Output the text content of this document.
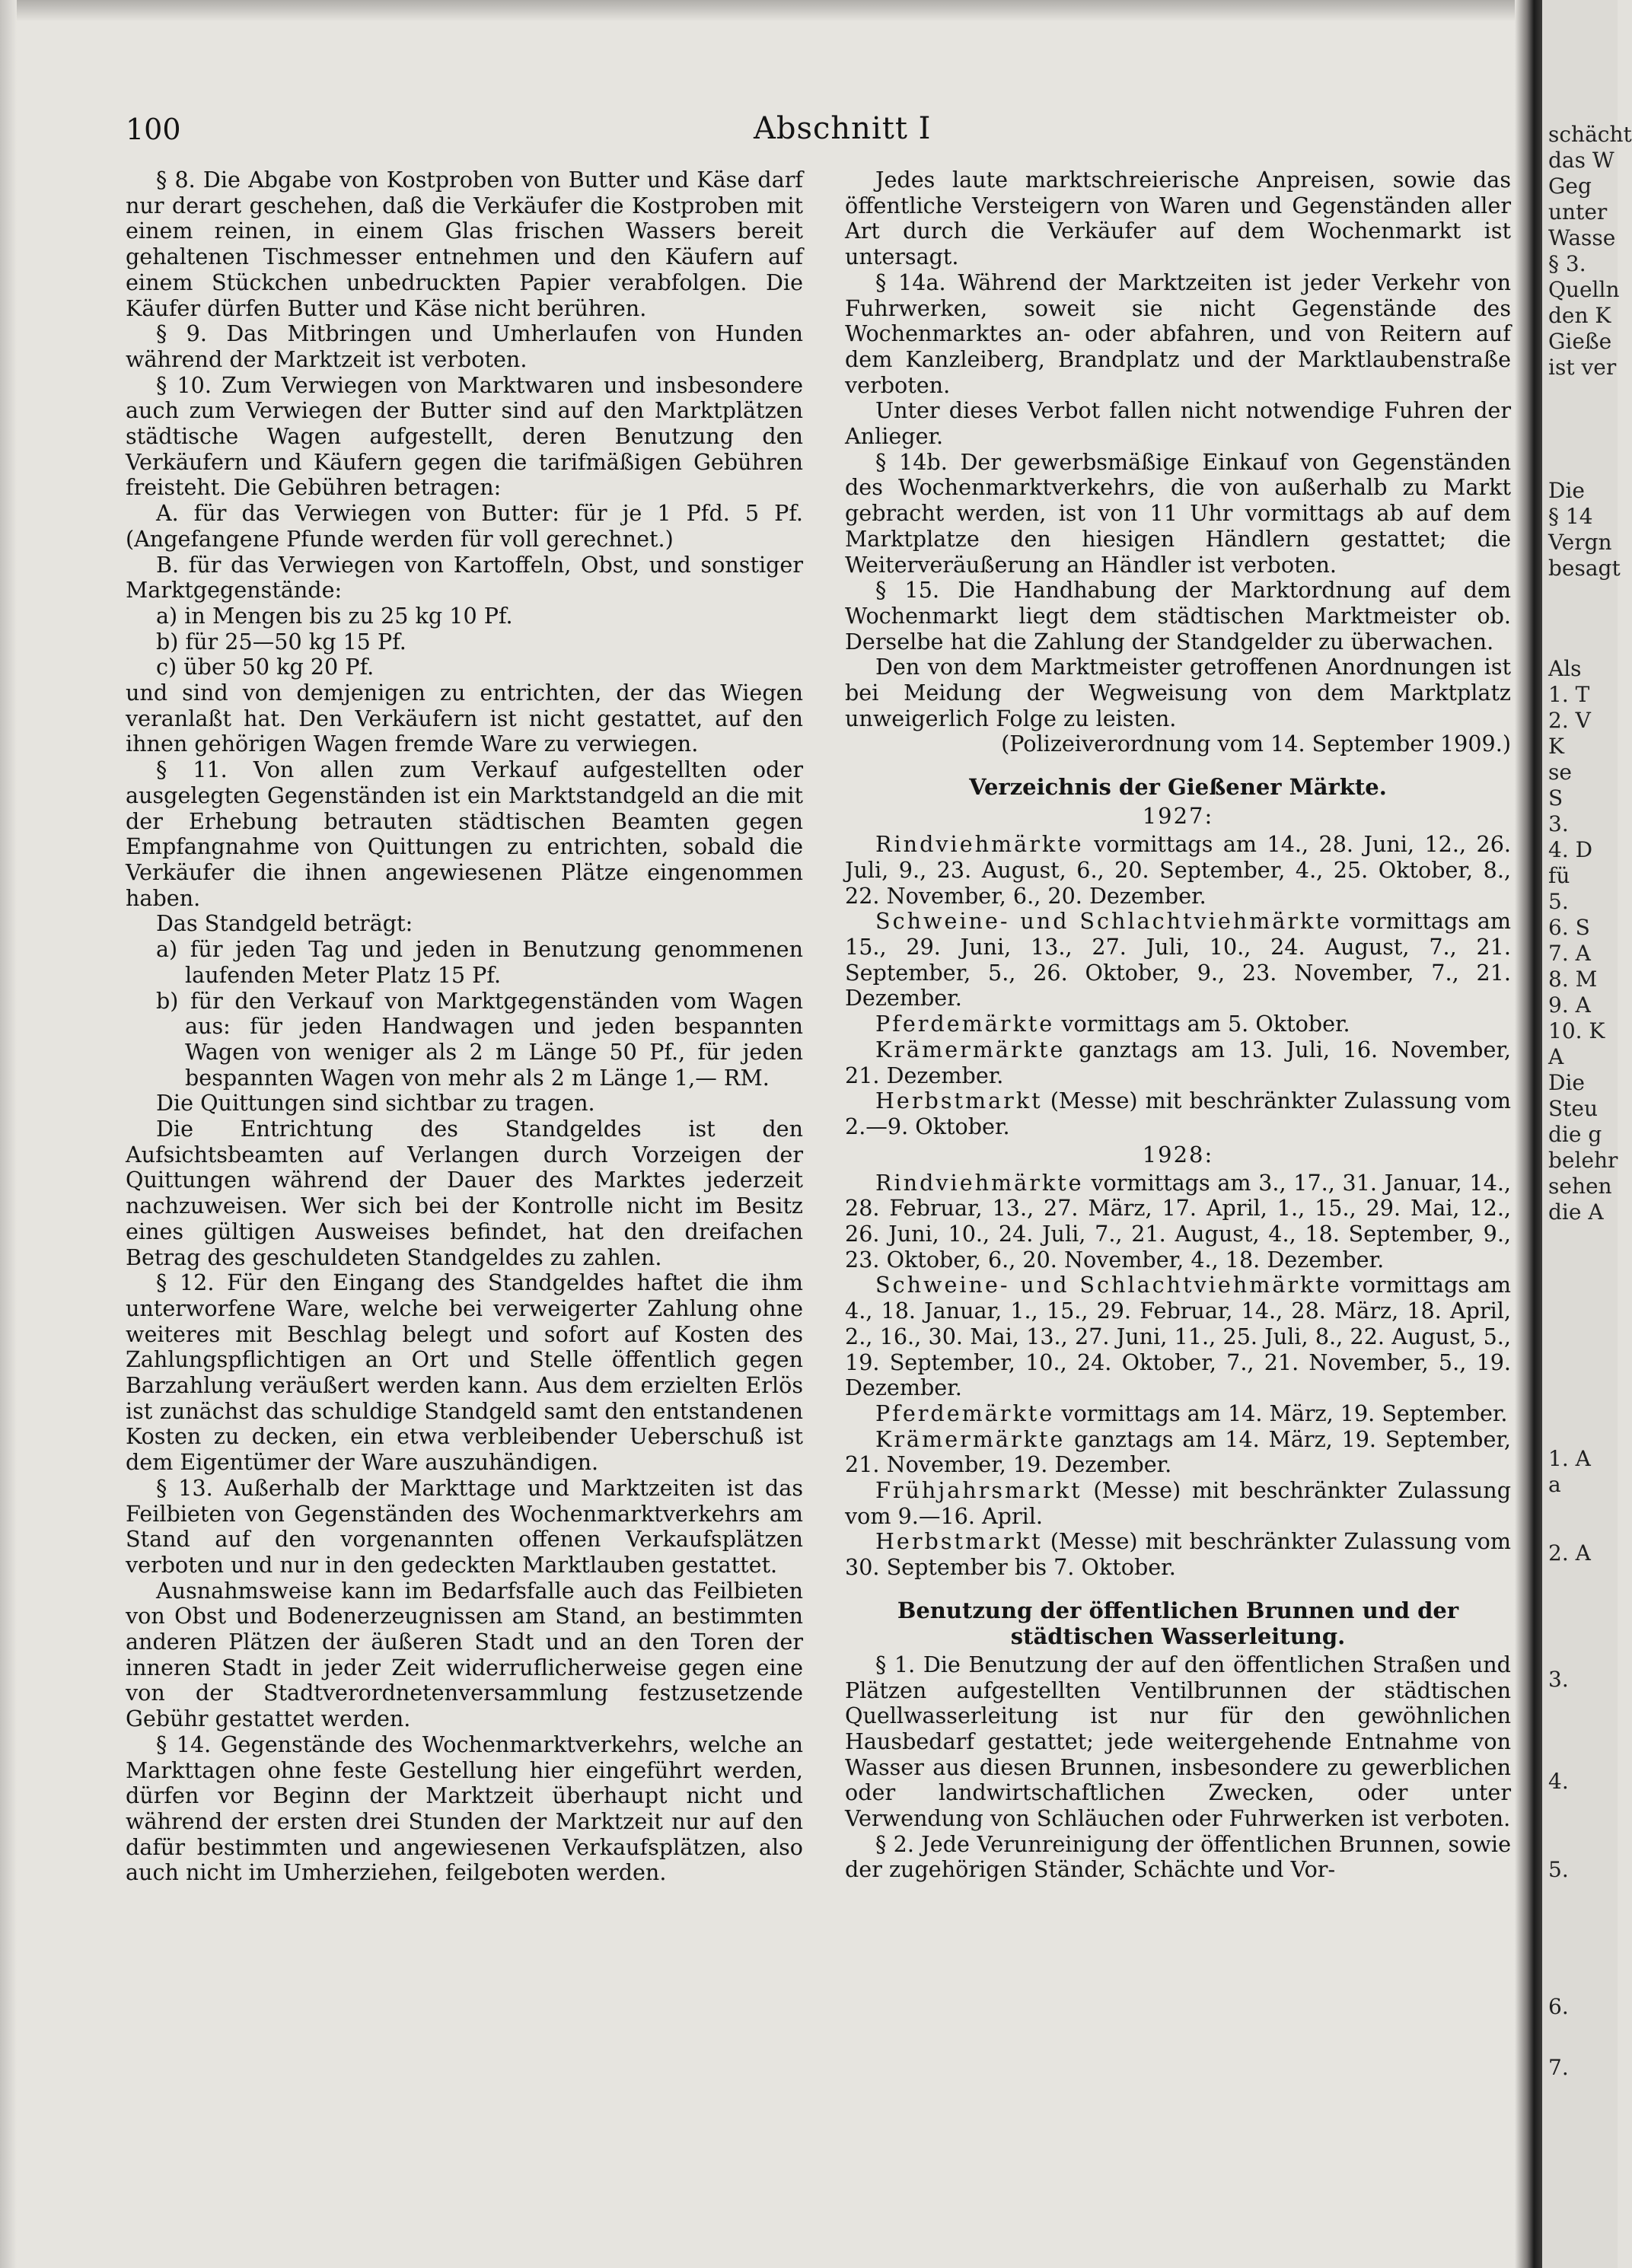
100	Abschnitt I

§ 8. Die Abgabe von Kostproben von Butter und Käse darf nur derart geschehen, daß die Verkäufer die Kostproben mit einem reinen, in einem Glas frischen Wassers bereit gehaltenen Tischmesser entnehmen und den Käufern auf einem Stückchen unbedruckten Papier verabfolgen. Die Käufer dürfen Butter und Käse nicht berühren.

§ 9. Das Mitbringen und Umherlaufen von Hunden während der Marktzeit ist verboten.

§ 10. Zum Verwiegen von Marktwaren und insbesondere auch zum Verwiegen der Butter sind auf den Marktplätzen städtische Wagen aufgestellt, deren Benutzung den Verkäufern und Käufern gegen die tarifmäßigen Gebühren freisteht. Die Gebühren betragen:

A. für das Verwiegen von Butter: für je 1 Pfd. 5 Pf. (Angefangene Pfunde werden für voll gerechnet.)

B. für das Verwiegen von Kartoffeln, Obst, und sonstiger Marktgegenstände:

a) in Mengen bis zu 25 kg 10 Pf.

b) für 25—50 kg 15 Pf.

c) über 50 kg 20 Pf.

und sind von demjenigen zu entrichten, der das Wiegen veranlaßt hat. Den Verkäufern ist nicht gestattet, auf den ihnen gehörigen Wagen fremde Ware zu verwiegen.

§ 11. Von allen zum Verkauf aufgestellten oder ausgelegten Gegenständen ist ein Marktstandgeld an die mit der Erhebung betrauten städtischen Beamten gegen Empfangnahme von Quittungen zu entrichten, sobald die Verkäufer die ihnen angewiesenen Plätze eingenommen haben.

Das Standgeld beträgt:

a) für jeden Tag und jeden in Benutzung genommenen laufenden Meter Platz 15 Pf.

b) für den Verkauf von Marktgegenständen vom Wagen aus: für jeden Handwagen und jeden bespannten Wagen von weniger als 2 m Länge 50 Pf., für jeden bespannten Wagen von mehr als 2 m Länge 1,— RM.

Die Quittungen sind sichtbar zu tragen.

Die Entrichtung des Standgeldes ist den Aufsichtsbeamten auf Verlangen durch Vorzeigen der Quittungen während der Dauer des Marktes jederzeit nachzuweisen. Wer sich bei der Kontrolle nicht im Besitz eines gültigen Ausweises befindet, hat den dreifachen Betrag des geschuldeten Standgeldes zu zahlen.

§ 12. Für den Eingang des Standgeldes haftet die ihm unterworfene Ware, welche bei verweigerter Zahlung ohne weiteres mit Beschlag belegt und sofort auf Kosten des Zahlungspflichtigen an Ort und Stelle öffentlich gegen Barzahlung veräußert werden kann. Aus dem erzielten Erlös ist zunächst das schuldige Standgeld samt den entstandenen Kosten zu decken, ein etwa verbleibender Ueberschuß ist dem Eigentümer der Ware auszuhändigen.

§ 13. Außerhalb der Markttage und Marktzeiten ist das Feilbieten von Gegenständen des Wochenmarktverkehrs am Stand auf den vorgenannten offenen Verkaufsplätzen verboten und nur in den gedeckten Marktlauben gestattet.

Ausnahmsweise kann im Bedarfsfalle auch das Feilbieten von Obst und Bodenerzeugnissen am Stand, an bestimmten anderen Plätzen der äußeren Stadt und an den Toren der inneren Stadt in jeder Zeit widerruflicherweise gegen eine von der Stadtverordnetenversammlung festzusetzende Gebühr gestattet werden.

§ 14. Gegenstände des Wochenmarktverkehrs, welche an Markttagen ohne feste Gestellung hier eingeführt werden, dürfen vor Beginn der Marktzeit überhaupt nicht und während der ersten drei Stunden der Marktzeit nur auf den dafür bestimmten und angewiesenen Verkaufsplätzen, also auch nicht im Umherziehen, feilgeboten werden.

Jedes laute marktschreierische Anpreisen, sowie das öffentliche Versteigern von Waren und Gegenständen aller Art durch die Verkäufer auf dem Wochenmarkt ist untersagt.

§ 14a. Während der Marktzeiten ist jeder Verkehr von Fuhrwerken, soweit sie nicht Gegenstände des Wochenmarktes an- oder abfahren, und von Reitern auf dem Kanzleiberg, Brandplatz und der Marktlaubenstraße verboten.

Unter dieses Verbot fallen nicht notwendige Fuhren der Anlieger.

§ 14b. Der gewerbsmäßige Einkauf von Gegenständen des Wochenmarktverkehrs, die von außerhalb zu Markt gebracht werden, ist von 11 Uhr vormittags ab auf dem Marktplatze den hiesigen Händlern gestattet; die Weiterveräußerung an Händler ist verboten.

§ 15. Die Handhabung der Marktordnung auf dem Wochenmarkt liegt dem städtischen Marktmeister ob. Derselbe hat die Zahlung der Standgelder zu überwachen.

Den von dem Marktmeister getroffenen Anordnungen ist bei Meidung der Wegweisung von dem Marktplatz unweigerlich Folge zu leisten.

(Polizeiverordnung vom 14. September 1909.)

Verzeichnis der Gießener Märkte.
1927:

Rindviehmärkte vormittags am 14., 28. Juni, 12., 26. Juli, 9., 23. August, 6., 20. September, 4., 25. Oktober, 8., 22. November, 6., 20. Dezember.

Schweine- und Schlachtviehmärkte vormittags am 15., 29. Juni, 13., 27. Juli, 10., 24. August, 7., 21. September, 5., 26. Oktober, 9., 23. November, 7., 21. Dezember.

Pferdemärkte vormittags am 5. Oktober.

Krämermärkte ganztags am 13. Juli, 16. November, 21. Dezember.

Herbstmarkt (Messe) mit beschränkter Zulassung vom 2.—9. Oktober.

1928:

Rindviehmärkte vormittags am 3., 17., 31. Januar, 14., 28. Februar, 13., 27. März, 17. April, 1., 15., 29. Mai, 12., 26. Juni, 10., 24. Juli, 7., 21. August, 4., 18. September, 9., 23. Oktober, 6., 20. November, 4., 18. Dezember.

Schweine- und Schlachtviehmärkte vormittags am 4., 18. Januar, 1., 15., 29. Februar, 14., 28. März, 18. April, 2., 16., 30. Mai, 13., 27. Juni, 11., 25. Juli, 8., 22. August, 5., 19. September, 10., 24. Oktober, 7., 21. November, 5., 19. Dezember.

Pferdemärkte vormittags am 14. März, 19. September.

Krämermärkte ganztags am 14. März, 19. September, 21. November, 19. Dezember.

Frühjahrsmarkt (Messe) mit beschränkter Zulassung vom 9.—16. April.

Herbstmarkt (Messe) mit beschränkter Zulassung vom 30. September bis 7. Oktober.

Benutzung der öffentlichen Brunnen und der städtischen Wasserleitung.

§ 1. Die Benutzung der auf den öffentlichen Straßen und Plätzen aufgestellten Ventilbrunnen der städtischen Quellwasserleitung ist nur für den gewöhnlichen Hausbedarf gestattet; jede weitergehende Entnahme von Wasser aus diesen Brunnen, insbesondere zu gewerblichen oder landwirtschaftlichen Zwecken, oder unter Verwendung von Schläuchen oder Fuhrwerken ist verboten.

§ 2. Jede Verunreinigung der öffentlichen Brunnen, sowie der zugehörigen Ständer, Schächte und Vor-

schächt
das W
Geg
unter
Wasse
§ 3.
Quelln
den K
Gieße
ist ver
Die
§ 14
Vergn
besagt
Als
1. T
2. V
K
se
S
3.
4. D
fü
5.
6. S
7. A
8. M
9. A
10. K
A
Die
Steu
die g
belehr
sehen
die A
1. A
a
2. A
3.
4.
5.
6.
7.
